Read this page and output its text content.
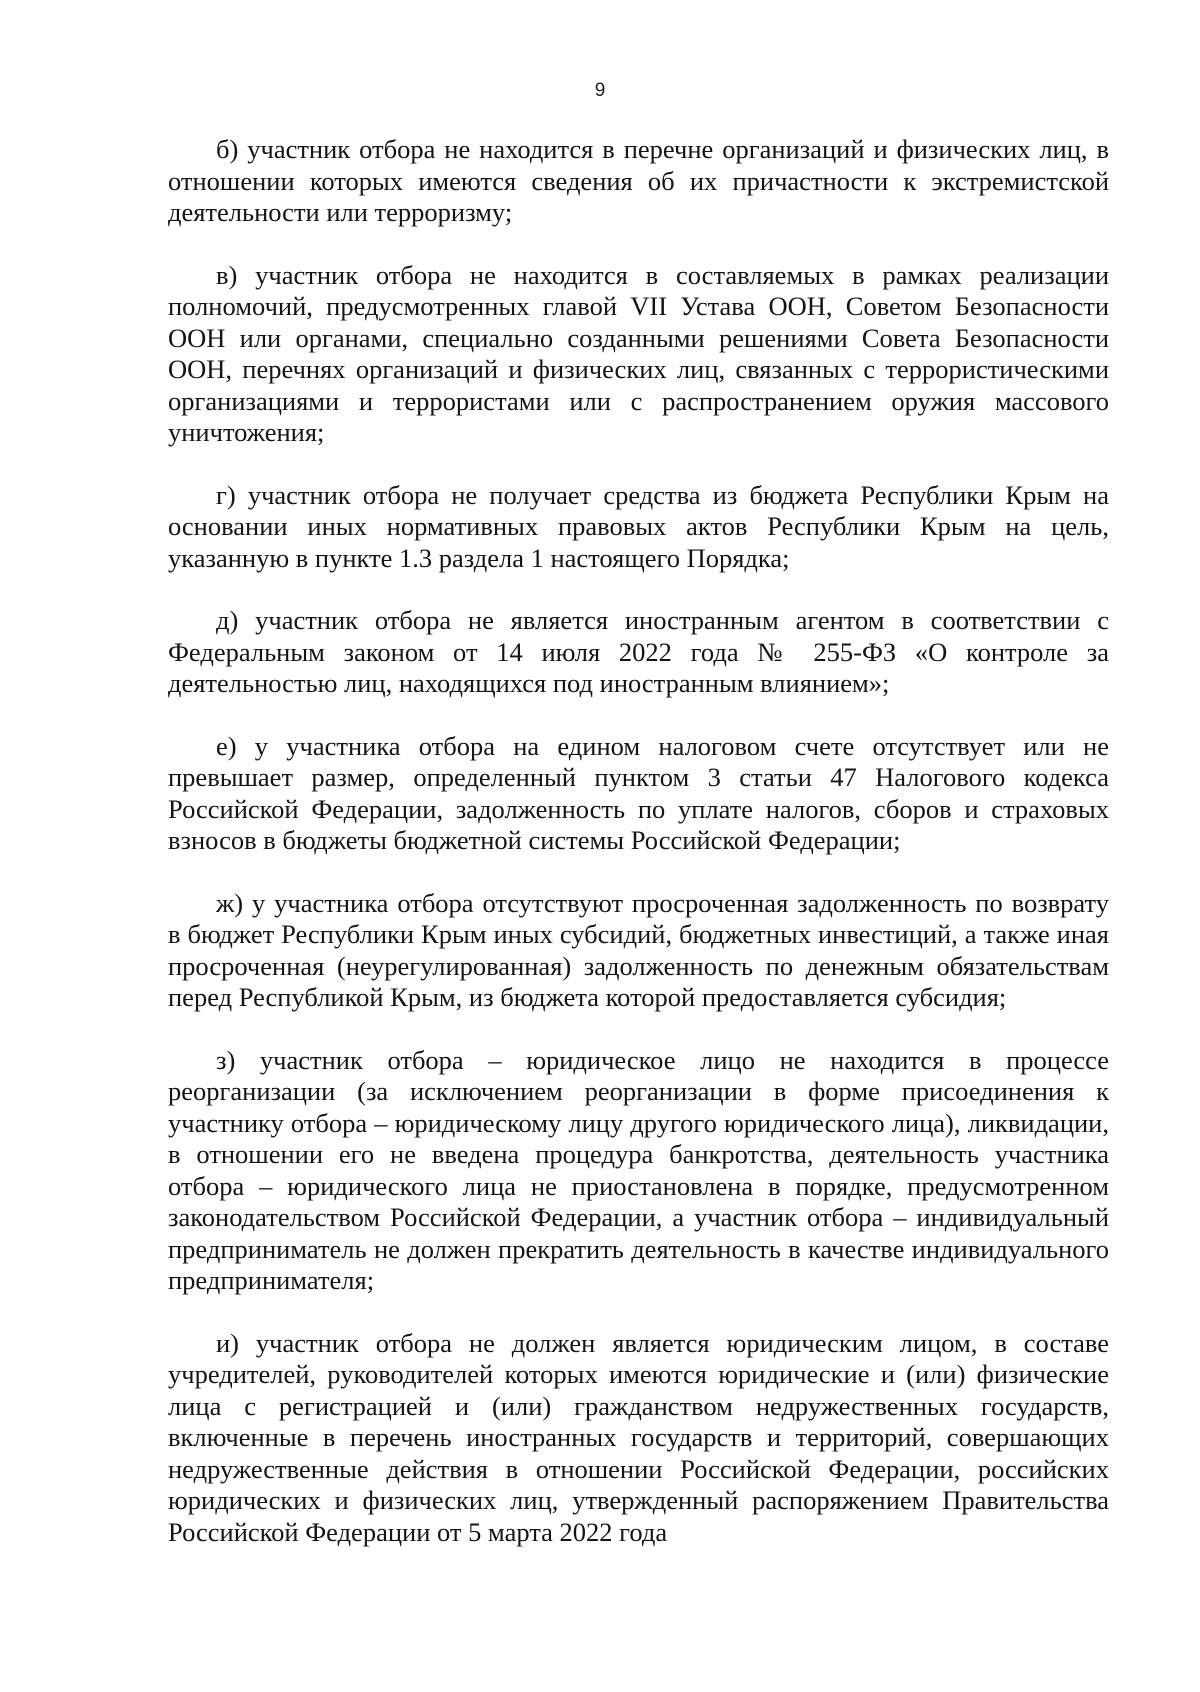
9

б) участник отбора не находится в перечне организаций и физических лиц, в отношении которых имеются сведения об их причастности к экстремистской деятельности или терроризму;

в) участник отбора не находится в составляемых в рамках реализации полномочий, предусмотренных главой VII Устава ООН, Советом Безопасности ООН или органами, специально созданными решениями Совета Безопасности ООН, перечнях организаций и физических лиц, связанных с террористическими организациями и террористами или с распространением оружия массового уничтожения;

г) участник отбора не получает средства из бюджета Республики Крым на основании иных нормативных правовых актов Республики Крым на цель, указанную в пункте 1.3 раздела 1 настоящего Порядка;

д) участник отбора не является иностранным агентом в соответствии с Федеральным законом от 14 июля 2022 года № 255-ФЗ «О контроле за деятельностью лиц, находящихся под иностранным влиянием»;

е) у участника отбора на едином налоговом счете отсутствует или не превышает размер, определенный пунктом 3 статьи 47 Налогового кодекса Российской Федерации, задолженность по уплате налогов, сборов и страховых взносов в бюджеты бюджетной системы Российской Федерации;

ж) у участника отбора отсутствуют просроченная задолженность по возврату в бюджет Республики Крым иных субсидий, бюджетных инвестиций, а также иная просроченная (неурегулированная) задолженность по денежным обязательствам перед Республикой Крым, из бюджета которой предоставляется субсидия;

з) участник отбора – юридическое лицо не находится в процессе реорганизации (за исключением реорганизации в форме присоединения к участнику отбора – юридическому лицу другого юридического лица), ликвидации, в отношении его не введена процедура банкротства, деятельность участника отбора – юридического лица не приостановлена в порядке, предусмотренном законодательством Российской Федерации, а участник отбора – индивидуальный предприниматель не должен прекратить деятельность в качестве индивидуального предпринимателя;

и) участник отбора не должен является юридическим лицом, в составе учредителей, руководителей которых имеются юридические и (или) физические лица с регистрацией и (или) гражданством недружественных государств, включенные в перечень иностранных государств и территорий, совершающих недружественные действия в отношении Российской Федерации, российских юридических и физических лиц, утвержденный распоряжением Правительства Российской Федерации от 5 марта 2022 года
